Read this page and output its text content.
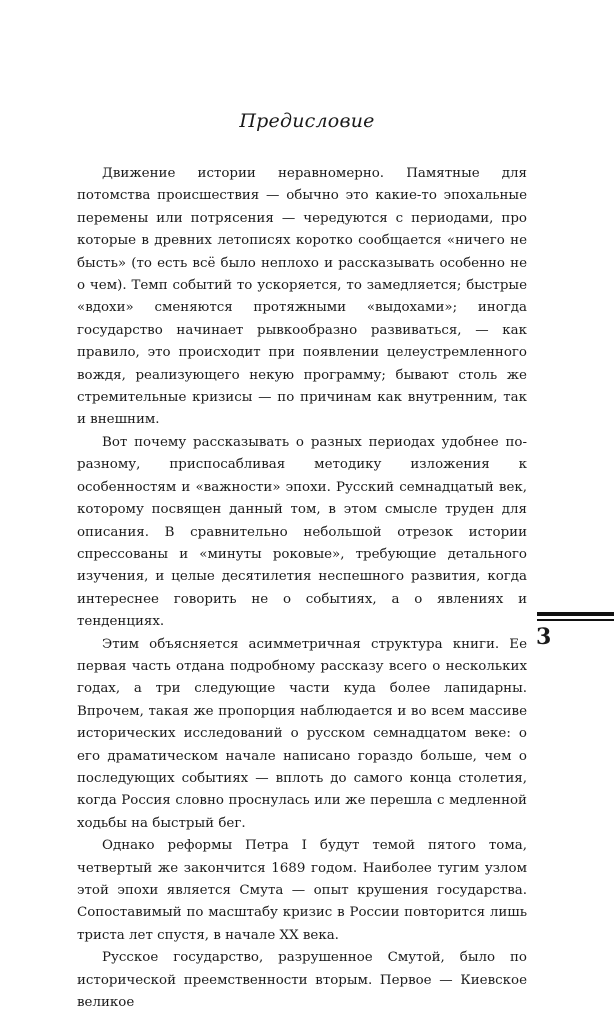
Предисловие

Движение истории неравномерно. Памятные для потомства происшествия — обычно это какие-то эпохальные перемены или потрясения — чередуются с периодами, про которые в древних летописях коротко сообщается «ничего не бысть» (то есть всё было неплохо и рассказывать особенно не о чем). Темп событий то ускоряется, то замедляется; быстрые «вдохи» сменяются протяжными «выдохами»; иногда государство начинает рывкообразно развиваться, — как правило, это происходит при появлении целеустремленного вождя, реализующего некую программу; бывают столь же стремительные кризисы — по причинам как внутренним, так и внешним.

Вот почему рассказывать о разных периодах удобнее по-разному, приспосабливая методику изложения к особенностям и «важности» эпохи. Русский семнадцатый век, которому посвящен данный том, в этом смысле труден для описания. В сравнительно небольшой отрезок истории спрессованы и «минуты роковые», требующие детального изучения, и целые десятилетия неспешного развития, когда интереснее говорить не о событиях, а о явлениях и тенденциях.

Этим объясняется асимметричная структура книги. Ее первая часть отдана подробному рассказу всего о нескольких годах, а три следующие части куда более лапидарны. Впрочем, такая же пропорция наблюдается и во всем массиве исторических исследований о русском семнадцатом веке: о его драматическом начале написано гораздо больше, чем о последующих событиях — вплоть до самого конца столетия, когда Россия словно проснулась или же перешла с медленной ходьбы на быстрый бег.

Однако реформы Петра I будут темой пятого тома, четвертый же закончится 1689 годом. Наиболее тугим узлом этой эпохи является Смута — опыт крушения государства. Сопоставимый по масштабу кризис в России повторится лишь триста лет спустя, в начале XX века.

Русское государство, разрушенное Смутой, было по исторической преемственности вторым. Первое — Киевское великое

3
